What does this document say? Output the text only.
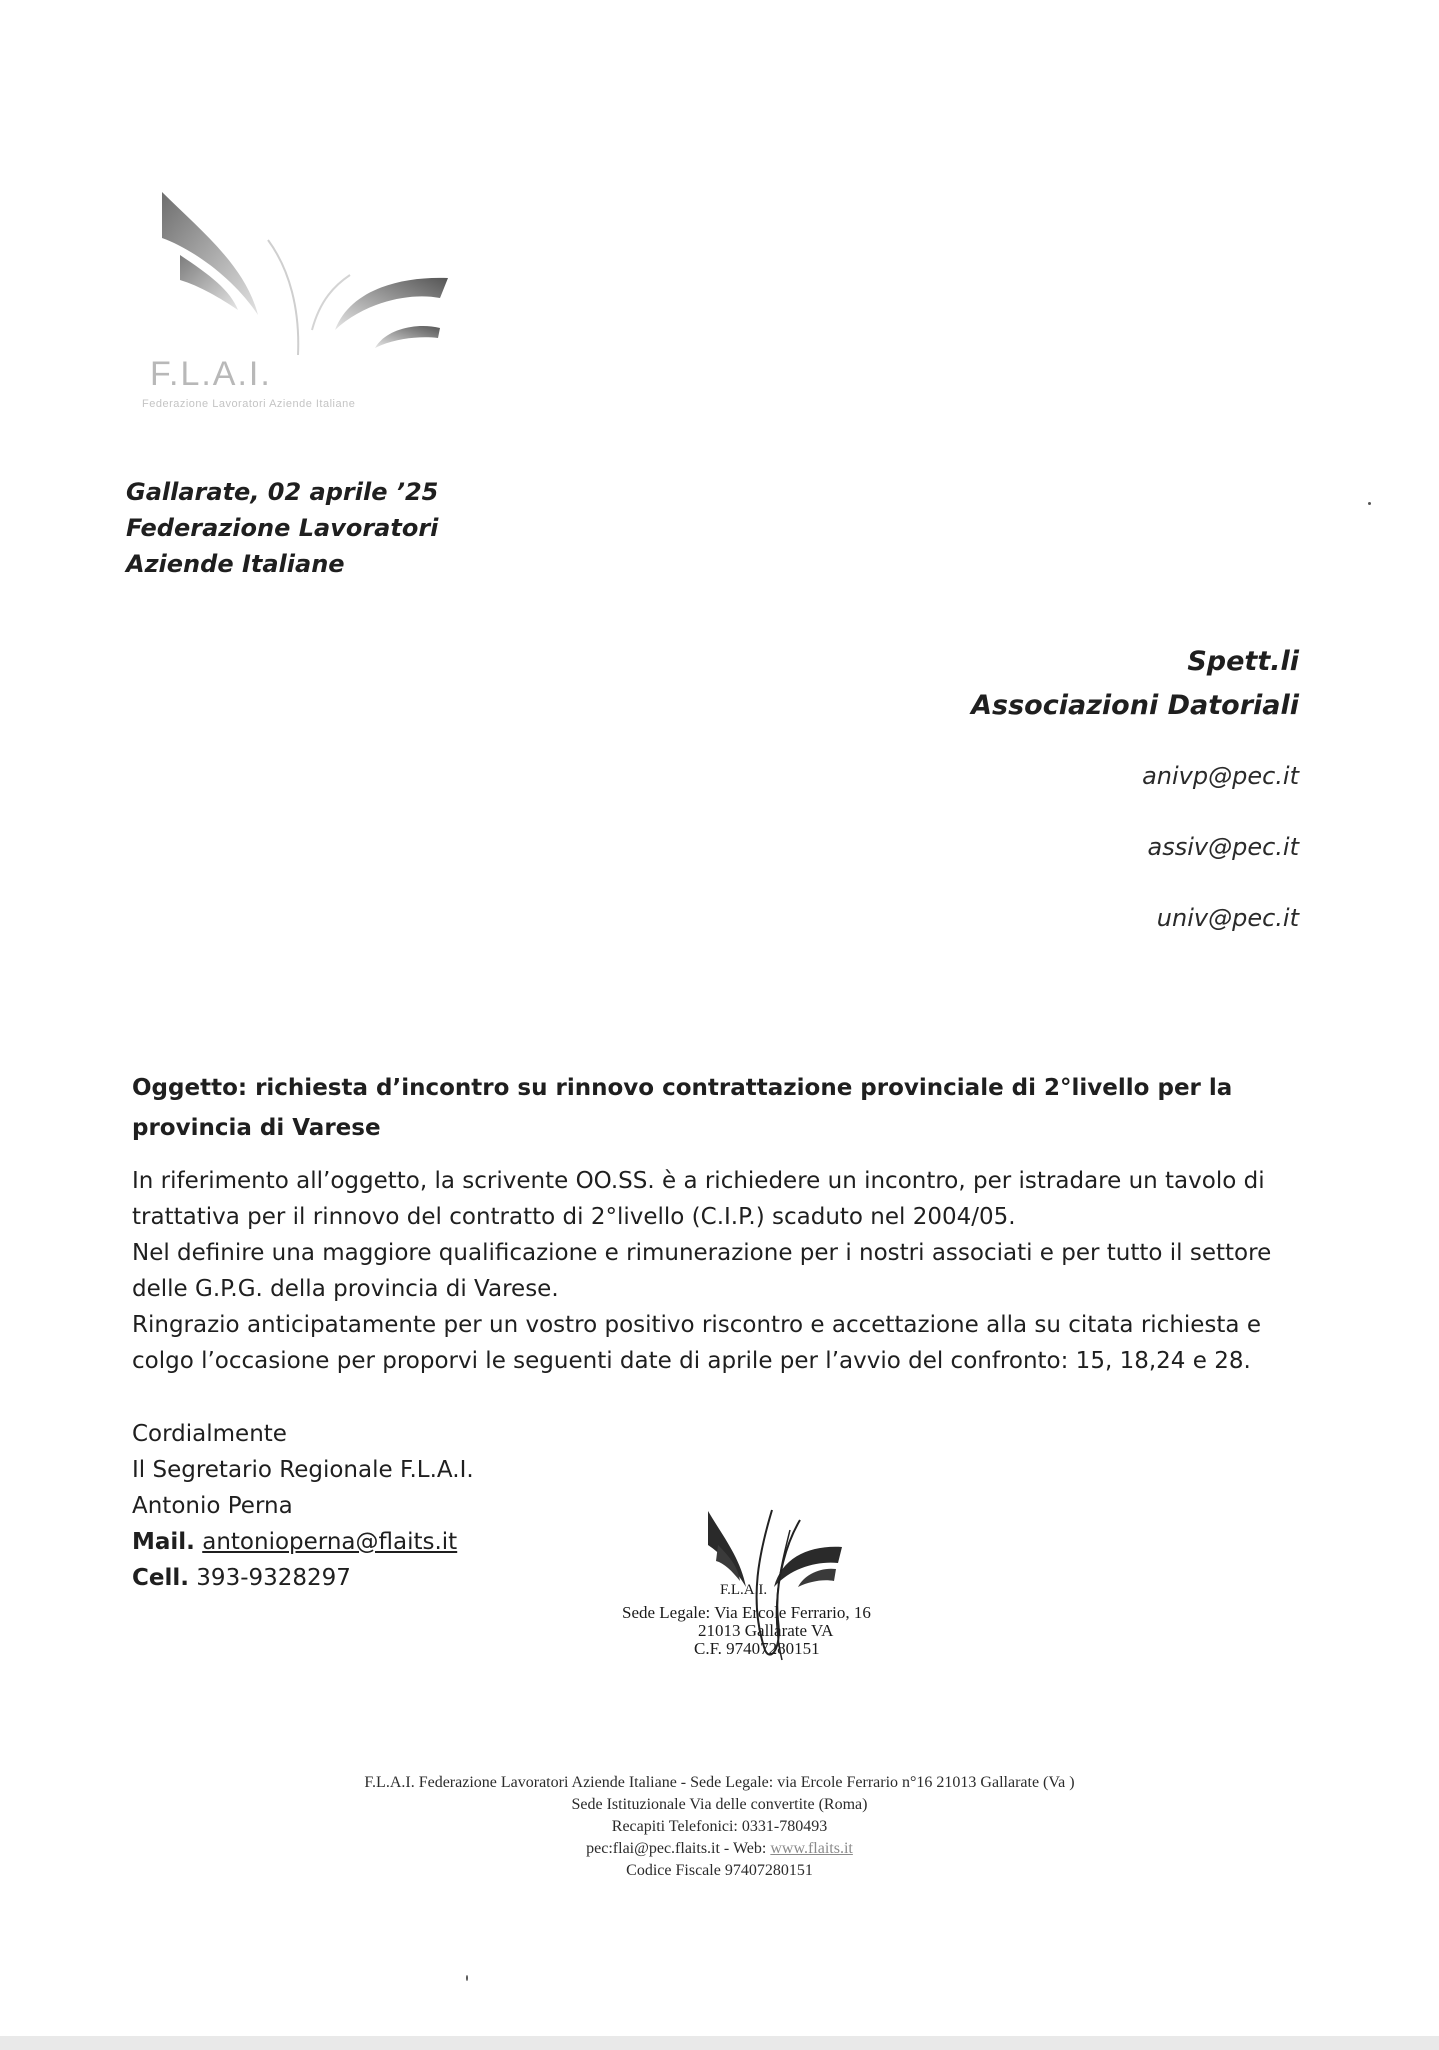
F.L.A.I.
Federazione Lavoratori Aziende Italiane
Gallarate, 02 aprile ’25
Federazione Lavoratori
Aziende Italiane
Spett.li
Associazioni Datoriali
anivp@pec.it
assiv@pec.it
univ@pec.it
Oggetto: richiesta d’incontro su rinnovo contrattazione provinciale di 2°livello per la provincia di Varese
In riferimento all’oggetto, la scrivente OO.SS. è a richiedere un incontro, per istradare un tavolo di
trattativa per il rinnovo del contratto di 2°livello (C.I.P.) scaduto nel 2004/05.
Nel definire una maggiore qualificazione e rimunerazione per i nostri associati e per tutto il settore
delle G.P.G. della provincia di Varese.
Ringrazio anticipatamente per un vostro positivo riscontro e accettazione alla su citata richiesta e
colgo l’occasione per proporvi le seguenti date di aprile per l’avvio del confronto: 15, 18,24 e 28.
Cordialmente
Il Segretario Regionale F.L.A.I.
Antonio Perna
Mail. antonioperna@flaits.it
Cell. 393-9328297	F.L.A.I.
Sede Legale: Via Ercole Ferrario, 16
21013 Gallarate VA
C.F. 97407280151
F.L.A.I. Federazione Lavoratori Aziende Italiane - Sede Legale: via Ercole Ferrario n°16 21013 Gallarate (Va )
Sede Istituzionale Via delle convertite (Roma)
Recapiti Telefonici: 0331-780493
pec:flai@pec.flaits.it - Web: www.flaits.it
Codice Fiscale 97407280151
